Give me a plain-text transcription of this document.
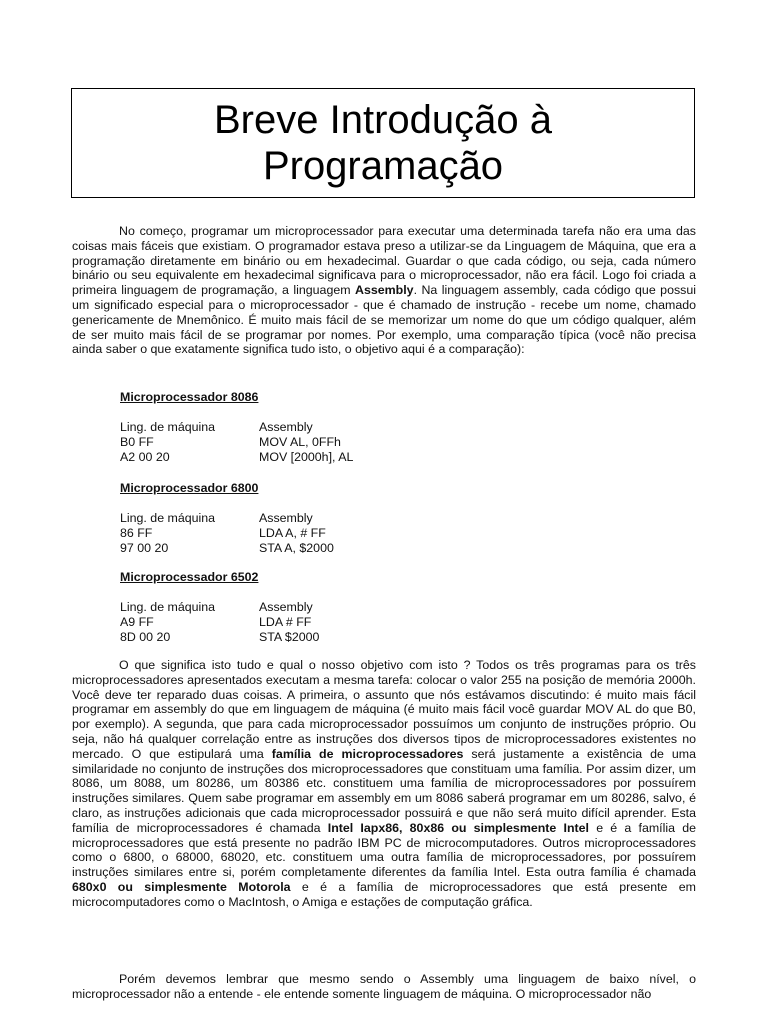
Breve Introdução à
Programação

No começo, programar um microprocessador para executar uma determinada tarefa não era uma das coisas mais fáceis que existiam. O programador estava preso a utilizar-se da Linguagem de Máquina, que era a programação diretamente em binário ou em hexadecimal. Guardar o que cada código, ou seja, cada número binário ou seu equivalente em hexadecimal significava para o microprocessador, não era fácil. Logo foi criada a primeira linguagem de programação, a linguagem Assembly. Na linguagem assembly, cada código que possui um significado especial para o microprocessador - que é chamado de instrução - recebe um nome, chamado genericamente de Mnemônico. É muito mais fácil de se memorizar um nome do que um código qualquer, além de ser muito mais fácil de se programar por nomes. Por exemplo, uma comparação típica (você não precisa ainda saber o que exatamente significa tudo isto, o objetivo aqui é a comparação):

Microprocessador 8086
Ling. de máquina	Assembly
B0 FF	MOV AL, 0FFh
A2 00 20	MOV [2000h], AL
Microprocessador 6800
Ling. de máquina	Assembly
86 FF	LDA A, # FF
97 00 20	STA A, $2000
Microprocessador 6502
Ling. de máquina	Assembly
A9 FF	LDA # FF
8D 00 20	STA $2000

O que significa isto tudo e qual o nosso objetivo com isto ? Todos os três programas para os três microprocessadores apresentados executam a mesma tarefa: colocar o valor 255 na posição de memória 2000h. Você deve ter reparado duas coisas. A primeira, o assunto que nós estávamos discutindo: é muito mais fácil programar em assembly do que em linguagem de máquina (é muito mais fácil você guardar MOV AL do que B0, por exemplo). A segunda, que para cada microprocessador possuímos um conjunto de instruções próprio. Ou seja, não há qualquer correlação entre as instruções dos diversos tipos de microprocessadores existentes no mercado. O que estipulará uma família de microprocessadores será justamente a existência de uma similaridade no conjunto de instruções dos microprocessadores que constituam uma família. Por assim dizer, um 8086, um 8088, um 80286, um 80386 etc. constituem uma família de microprocessadores por possuírem instruções similares. Quem sabe programar em assembly em um 8086 saberá programar em um 80286, salvo, é claro, as instruções adicionais que cada microprocessador possuirá e que não será muito difícil aprender. Esta família de microprocessadores é chamada Intel Iapx86, 80x86 ou simplesmente Intel e é a família de microprocessadores que está presente no padrão IBM PC de microcomputadores. Outros microprocessadores como o 6800, o 68000, 68020, etc. constituem uma outra família de microprocessadores, por possuírem instruções similares entre si, porém completamente diferentes da família Intel. Esta outra família é chamada 680x0 ou simplesmente Motorola e é a família de microprocessadores que está presente em microcomputadores como o MacIntosh, o Amiga e estações de computação gráfica.

Porém devemos lembrar que mesmo sendo o Assembly uma linguagem de baixo nível, o microprocessador não a entende - ele entende somente linguagem de máquina. O microprocessador não
